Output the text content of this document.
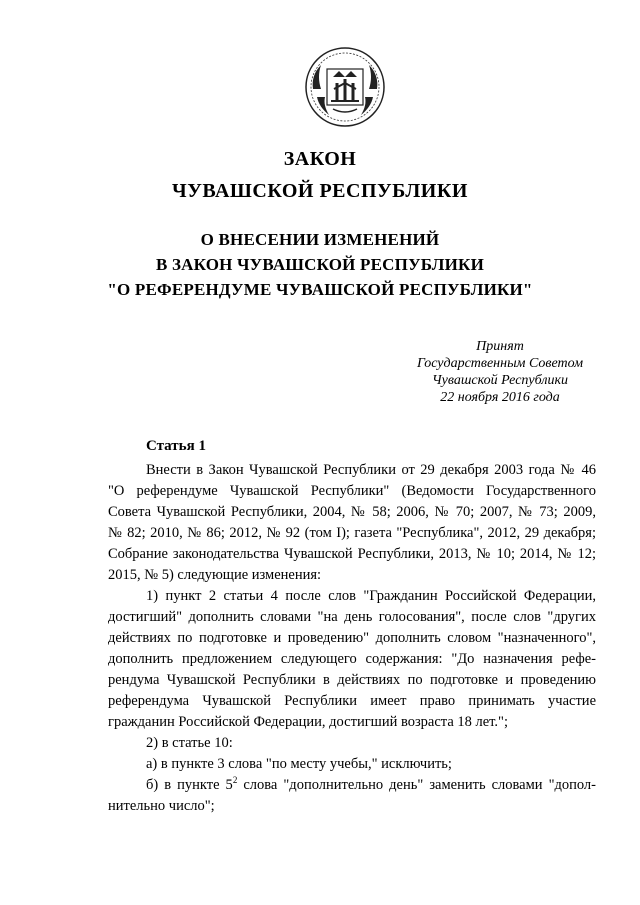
ЗАКОН
ЧУВАШСКОЙ РЕСПУБЛИКИ
О ВНЕСЕНИИ ИЗМЕНЕНИЙ
В ЗАКОН ЧУВАШСКОЙ РЕСПУБЛИКИ
"О РЕФЕРЕНДУМЕ ЧУВАШСКОЙ РЕСПУБЛИКИ"
Принят
Государственным Советом
Чувашской Республики
22 ноября 2016 года
Статья 1
Внести в Закон Чувашской Республики от 29 декабря 2003 года № 46
"О референдуме Чувашской Республики" (Ведомости Государственного
Совета Чувашской Республики, 2004, № 58; 2006, № 70; 2007, № 73; 2009,
№ 82; 2010, № 86; 2012, № 92 (том I); газета "Республика", 2012, 29 декабря;
Собрание законодательства Чувашской Республики, 2013, № 10; 2014, № 12;
2015, № 5) следующие изменения:
1) пункт 2 статьи 4 после слов "Гражданин Российской Федерации,
достигший" дополнить словами "на день голосования", после слов "других
действиях по подготовке и проведению" дополнить словом "назначенного",
дополнить предложением следующего содержания: "До назначения рефе-
рендума Чувашской Республики в действиях по подготовке и проведению
референдума Чувашской Республики имеет право принимать участие
гражданин Российской Федерации, достигший возраста 18 лет.";
2) в статье 10:
а) в пункте 3 слова "по месту учебы," исключить;
б) в пункте $5^2$ слова "дополнительно день" заменить словами "допол-
нительно число";
